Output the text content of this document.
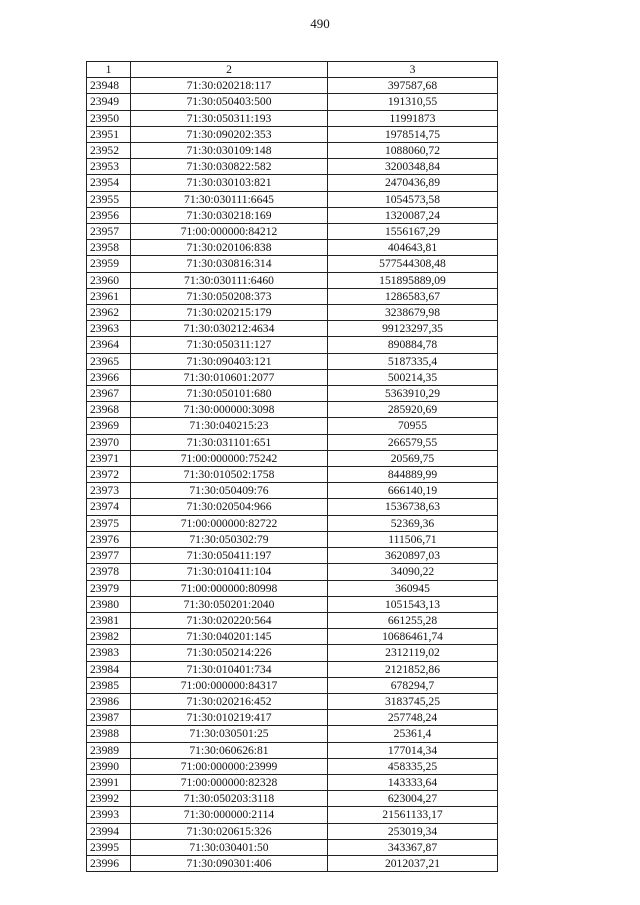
490
1	2	3
23948	71:30:020218:117	397587,68
23949	71:30:050403:500	191310,55
23950	71:30:050311:193	11991873
23951	71:30:090202:353	1978514,75
23952	71:30:030109:148	1088060,72
23953	71:30:030822:582	3200348,84
23954	71:30:030103:821	2470436,89
23955	71:30:030111:6645	1054573,58
23956	71:30:030218:169	1320087,24
23957	71:00:000000:84212	1556167,29
23958	71:30:020106:838	404643,81
23959	71:30:030816:314	577544308,48
23960	71:30:030111:6460	151895889,09
23961	71:30:050208:373	1286583,67
23962	71:30:020215:179	3238679,98
23963	71:30:030212:4634	99123297,35
23964	71:30:050311:127	890884,78
23965	71:30:090403:121	5187335,4
23966	71:30:010601:2077	500214,35
23967	71:30:050101:680	5363910,29
23968	71:30:000000:3098	285920,69
23969	71:30:040215:23	70955
23970	71:30:031101:651	266579,55
23971	71:00:000000:75242	20569,75
23972	71:30:010502:1758	844889,99
23973	71:30:050409:76	666140,19
23974	71:30:020504:966	1536738,63
23975	71:00:000000:82722	52369,36
23976	71:30:050302:79	111506,71
23977	71:30:050411:197	3620897,03
23978	71:30:010411:104	34090,22
23979	71:00:000000:80998	360945
23980	71:30:050201:2040	1051543,13
23981	71:30:020220:564	661255,28
23982	71:30:040201:145	10686461,74
23983	71:30:050214:226	2312119,02
23984	71:30:010401:734	2121852,86
23985	71:00:000000:84317	678294,7
23986	71:30:020216:452	3183745,25
23987	71:30:010219:417	257748,24
23988	71:30:030501:25	25361,4
23989	71:30:060626:81	177014,34
23990	71:00:000000:23999	458335,25
23991	71:00:000000:82328	143333,64
23992	71:30:050203:3118	623004,27
23993	71:30:000000:2114	21561133,17
23994	71:30:020615:326	253019,34
23995	71:30:030401:50	343367,87
23996	71:30:090301:406	2012037,21
